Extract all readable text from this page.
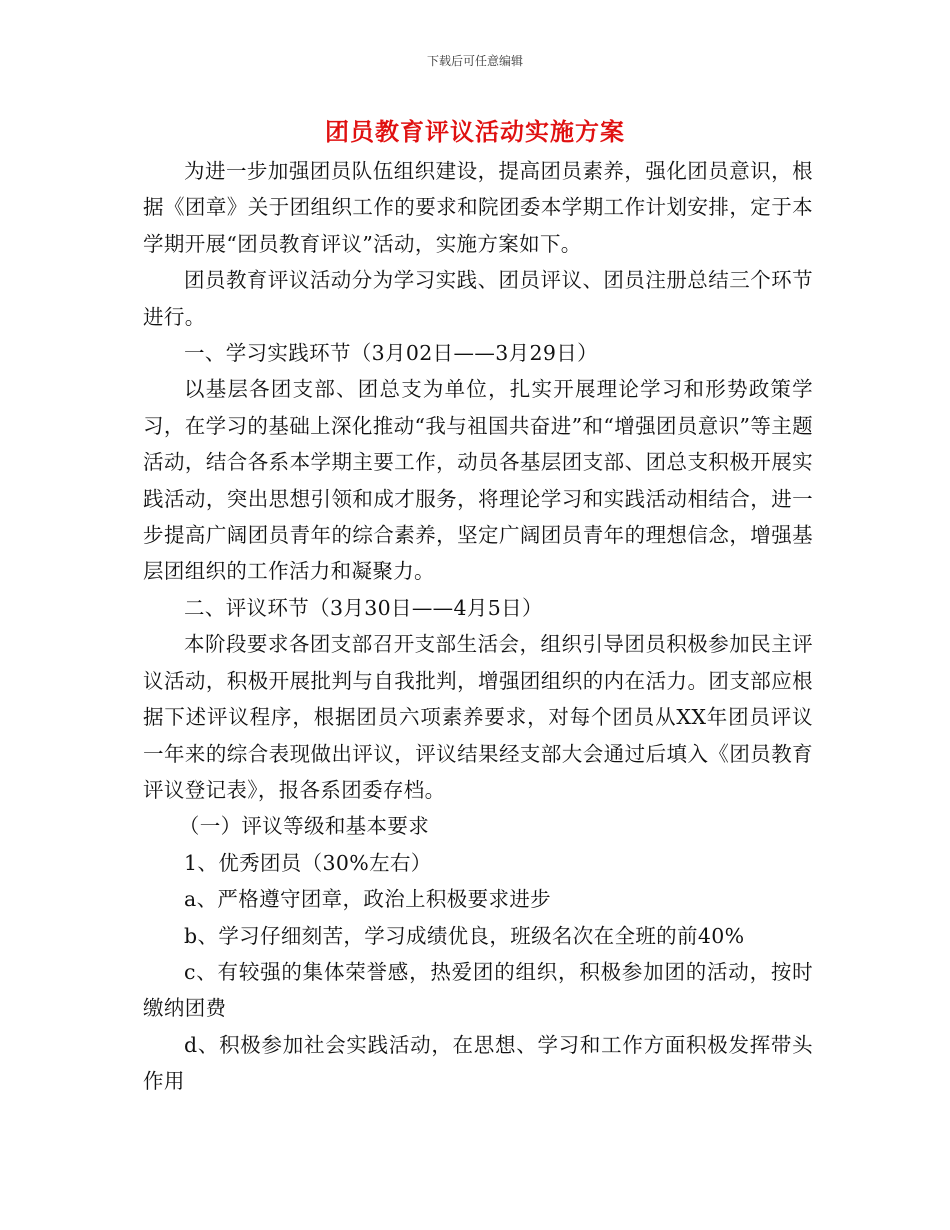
下载后可任意编辑
团员教育评议活动实施方案

为进一步加强团员队伍组织建设，提高团员素养，强化团员意识，根据《团章》关于团组织工作的要求和院团委本学期工作计划安排，定于本学期开展“团员教育评议”活动，实施方案如下。

团员教育评议活动分为学习实践、团员评议、团员注册总结三个环节进行。

一、学习实践环节（3月02日——3月29日）

以基层各团支部、团总支为单位，扎实开展理论学习和形势政策学习，在学习的基础上深化推动“我与祖国共奋进”和“增强团员意识”等主题活动，结合各系本学期主要工作，动员各基层团支部、团总支积极开展实践活动，突出思想引领和成才服务，将理论学习和实践活动相结合，进一步提高广阔团员青年的综合素养，坚定广阔团员青年的理想信念，增强基层团组织的工作活力和凝聚力。

二、评议环节（3月30日——4月5日）

本阶段要求各团支部召开支部生活会，组织引导团员积极参加民主评议活动，积极开展批判与自我批判，增强团组织的内在活力。团支部应根据下述评议程序，根据团员六项素养要求，对每个团员从XX年团员评议一年来的综合表现做出评议，评议结果经支部大会通过后填入《团员教育评议登记表》，报各系团委存档。

（一）评议等级和基本要求

1、优秀团员（30%左右）

a、严格遵守团章，政治上积极要求进步

b、学习仔细刻苦，学习成绩优良，班级名次在全班的前40%

c、有较强的集体荣誉感，热爱团的组织，积极参加团的活动，按时缴纳团费

d、积极参加社会实践活动，在思想、学习和工作方面积极发挥带头作用
